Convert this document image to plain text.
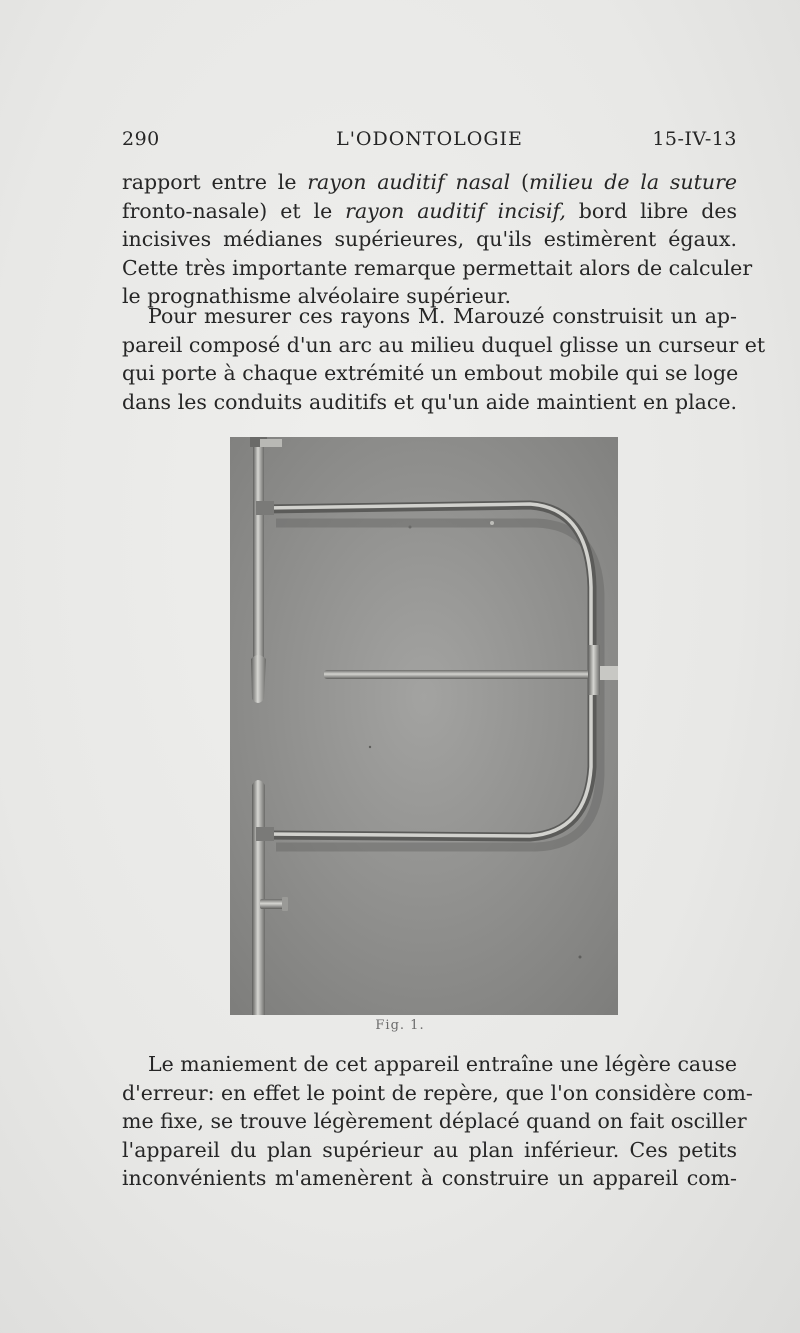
290	L'ODONTOLOGIE	15-IV-13
rapport entre le rayon auditif nasal (milieu de la suture
fronto-nasale) et le rayon auditif incisif, bord libre des
incisives médianes supérieures, qu'ils estimèrent égaux.
Cette très importante remarque permettait alors de calculer
le prognathisme alvéolaire supérieur.
Pour mesurer ces rayons M. Marouzé construisit un ap-
pareil composé d'un arc au milieu duquel glisse un curseur et
qui porte à chaque extrémité un embout mobile qui se loge
dans les conduits auditifs et qu'un aide maintient en place.
Fig. 1.
Le maniement de cet appareil entraîne une légère cause
d'erreur: en effet le point de repère, que l'on considère com-
me fixe, se trouve légèrement déplacé quand on fait osciller
l'appareil du plan supérieur au plan inférieur. Ces petits
inconvénients m'amenèrent à construire un appareil com-
